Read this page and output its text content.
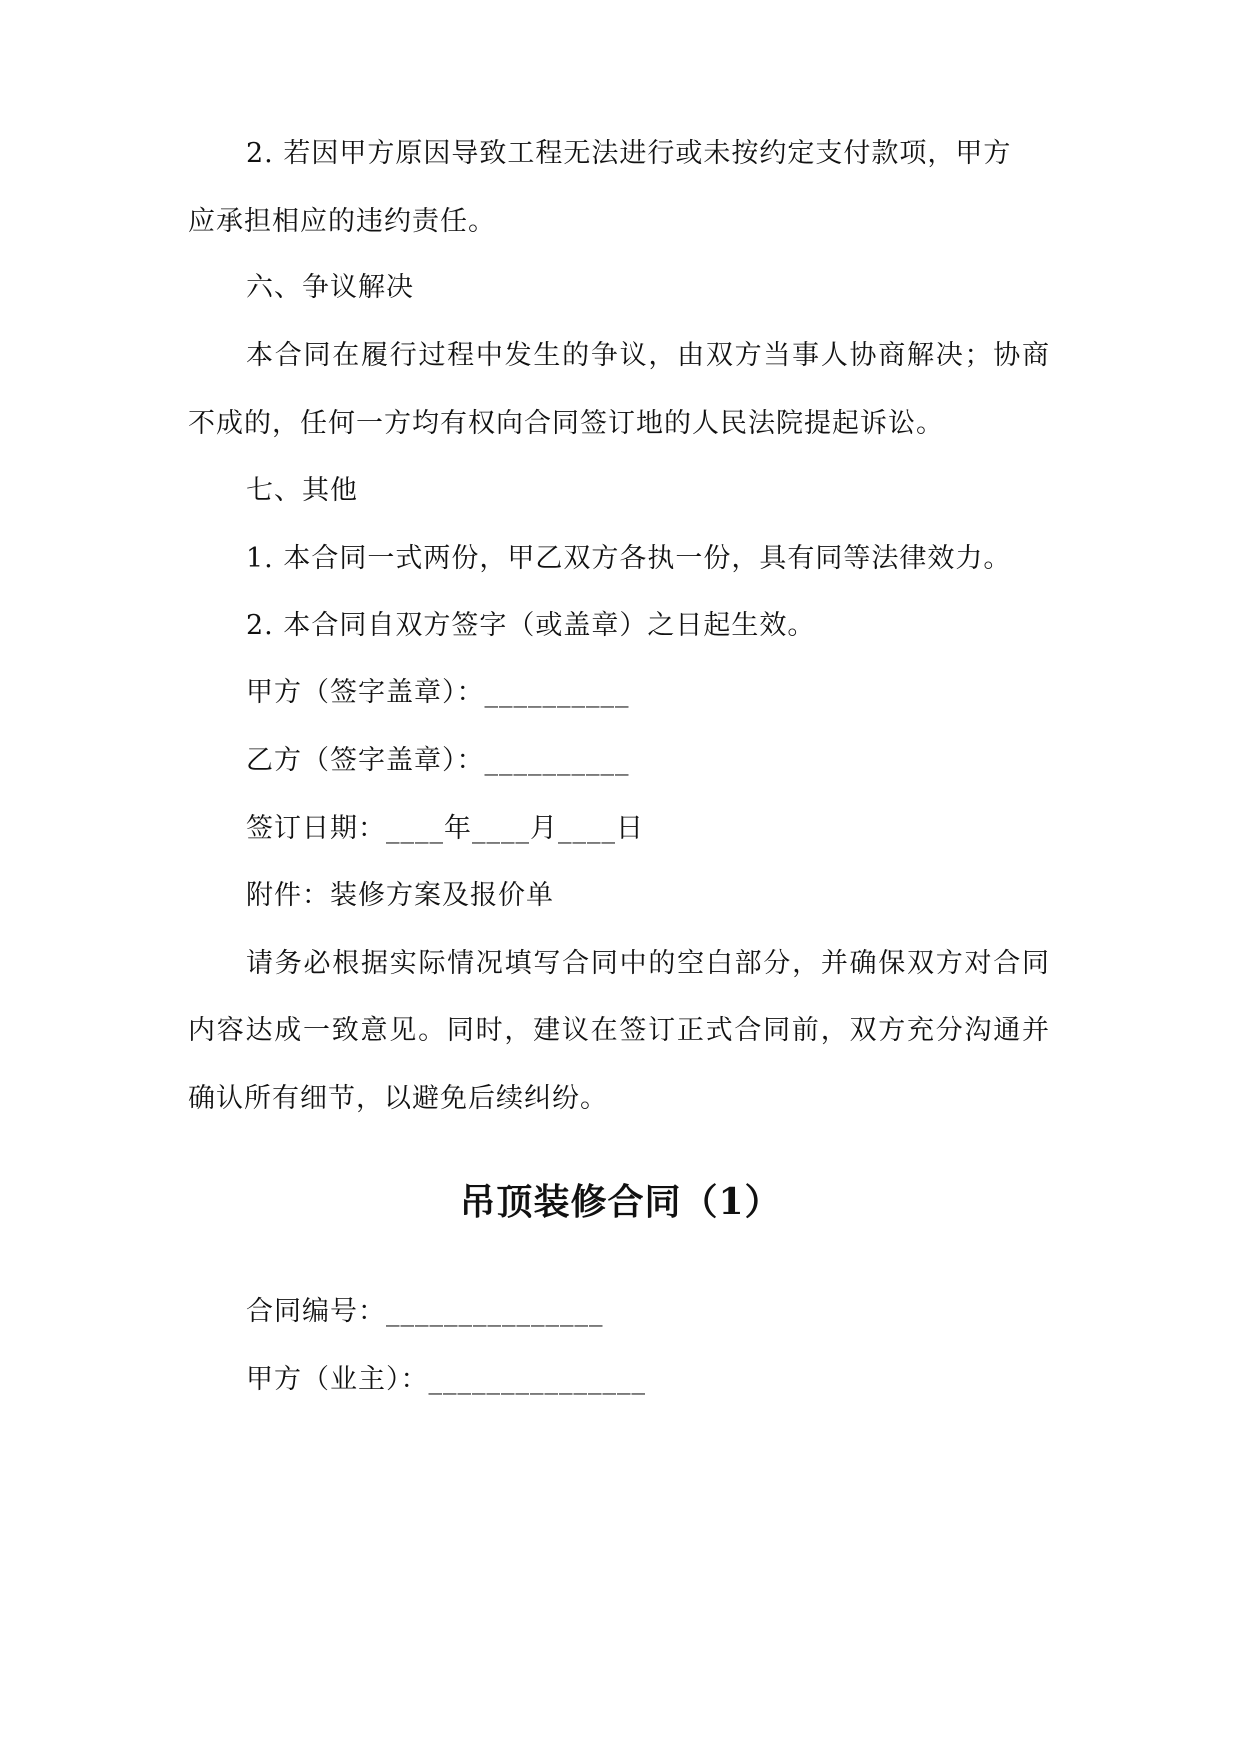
2. 若因甲方原因导致工程无法进行或未按约定支付款项，甲方
应承担相应的违约责任。
六、争议解决
本合同在履行过程中发生的争议，由双方当事人协商解决；协商
不成的，任何一方均有权向合同签订地的人民法院提起诉讼。
七、其他
1. 本合同一式两份，甲乙双方各执一份，具有同等法律效力。
2. 本合同自双方签字（或盖章）之日起生效。
甲方（签字盖章）：__________
乙方（签字盖章）：__________
签订日期：____年____月____日
附件：装修方案及报价单
请务必根据实际情况填写合同中的空白部分，并确保双方对合同
内容达成一致意见。同时，建议在签订正式合同前，双方充分沟通并
确认所有细节，以避免后续纠纷。
吊顶装修合同（1）
合同编号：_______________
甲方（业主）：_______________
